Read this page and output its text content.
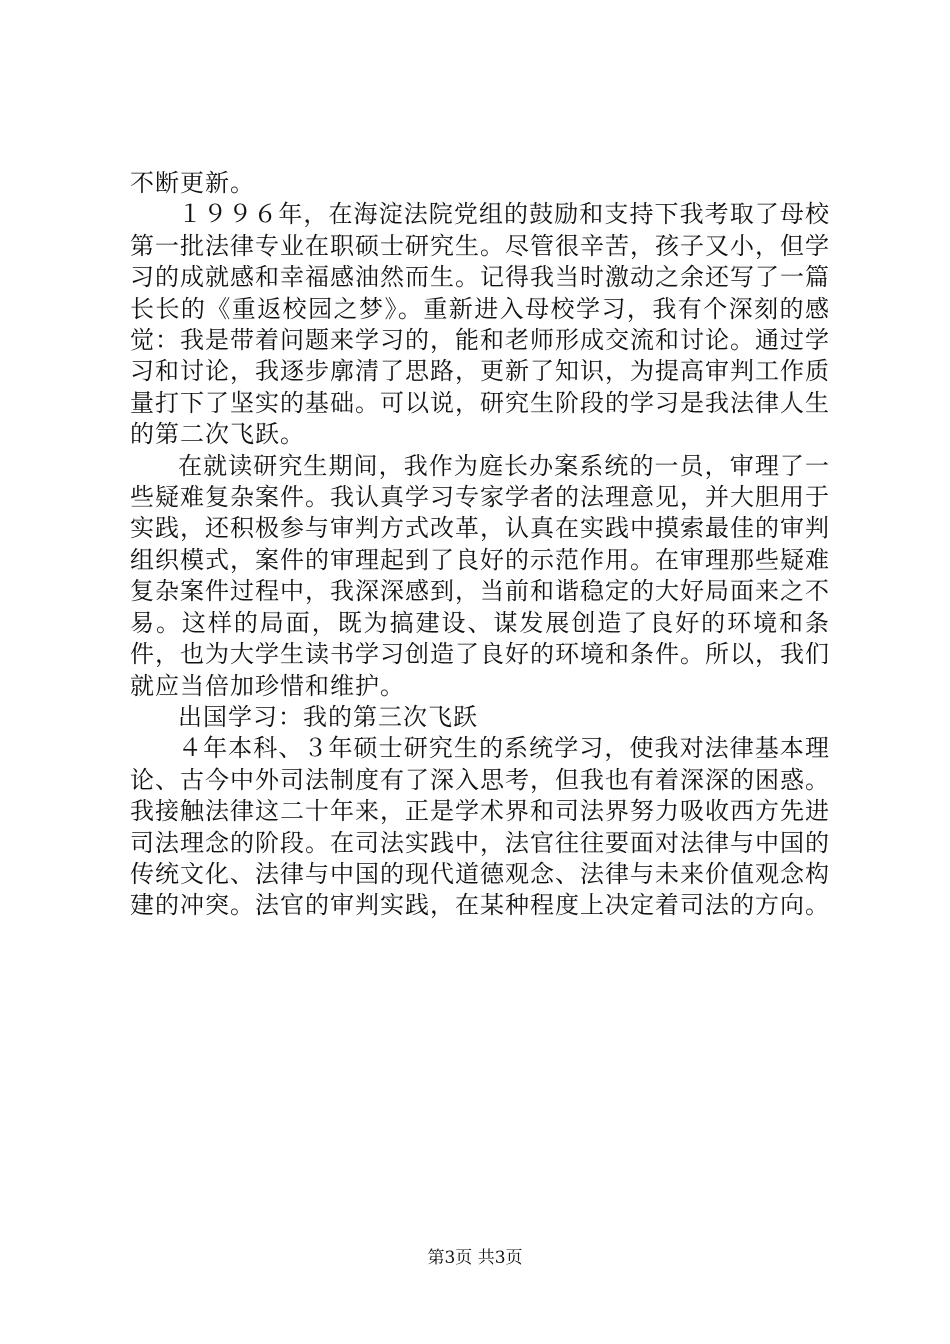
不断更新。

１９９６年，在海淀法院党组的鼓励和支持下我考取了母校第一批法律专业在职硕士研究生。尽管很辛苦，孩子又小，但学习的成就感和幸福感油然而生。记得我当时激动之余还写了一篇长长的《重返校园之梦》。重新进入母校学习，我有个深刻的感觉：我是带着问题来学习的，能和老师形成交流和讨论。通过学习和讨论，我逐步廓清了思路，更新了知识，为提高审判工作质量打下了坚实的基础。可以说，研究生阶段的学习是我法律人生的第二次飞跃。

在就读研究生期间，我作为庭长办案系统的一员，审理了一些疑难复杂案件。我认真学习专家学者的法理意见，并大胆用于实践，还积极参与审判方式改革，认真在实践中摸索最佳的审判组织模式，案件的审理起到了良好的示范作用。在审理那些疑难复杂案件过程中，我深深感到，当前和谐稳定的大好局面来之不易。这样的局面，既为搞建设、谋发展创造了良好的环境和条件，也为大学生读书学习创造了良好的环境和条件。所以，我们就应当倍加珍惜和维护。

出国学习：我的第三次飞跃

４年本科、３年硕士研究生的系统学习，使我对法律基本理论、古今中外司法制度有了深入思考，但我也有着深深的困惑。我接触法律这二十年来，正是学术界和司法界努力吸收西方先进司法理念的阶段。在司法实践中，法官往往要面对法律与中国的传统文化、法律与中国的现代道德观念、法律与未来价值观念构建的冲突。法官的审判实践，在某种程度上决定着司法的方向。

第3页 共3页
